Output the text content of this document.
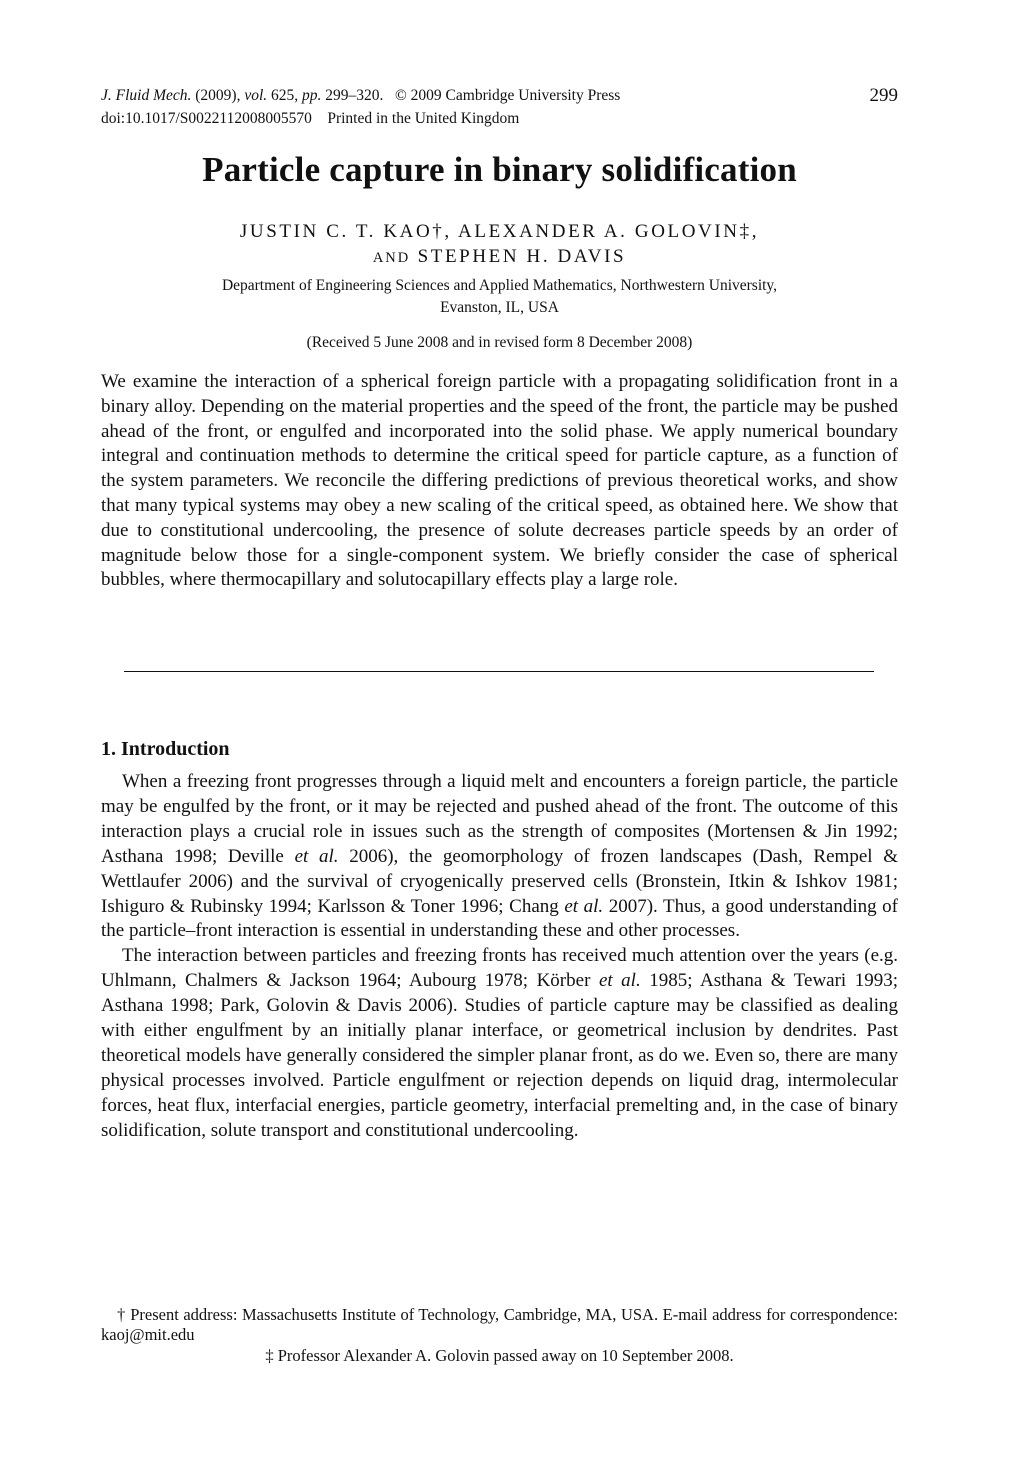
J. Fluid Mech. (2009), vol. 625, pp. 299–320. © 2009 Cambridge University Press
doi:10.1017/S0022112008005570 Printed in the United Kingdom
299
Particle capture in binary solidification
JUSTIN C. T. KAO†, ALEXANDER A. GOLOVIN‡,
AND STEPHEN H. DAVIS
Department of Engineering Sciences and Applied Mathematics, Northwestern University,
Evanston, IL, USA
(Received 5 June 2008 and in revised form 8 December 2008)
We examine the interaction of a spherical foreign particle with a propagating solidification front in a binary alloy. Depending on the material properties and the speed of the front, the particle may be pushed ahead of the front, or engulfed and incorporated into the solid phase. We apply numerical boundary integral and continuation methods to determine the critical speed for particle capture, as a function of the system parameters. We reconcile the differing predictions of previous theoretical works, and show that many typical systems may obey a new scaling of the critical speed, as obtained here. We show that due to constitutional undercooling, the presence of solute decreases particle speeds by an order of magnitude below those for a single-component system. We briefly consider the case of spherical bubbles, where thermocapillary and solutocapillary effects play a large role.
1. Introduction

When a freezing front progresses through a liquid melt and encounters a foreign particle, the particle may be engulfed by the front, or it may be rejected and pushed ahead of the front. The outcome of this interaction plays a crucial role in issues such as the strength of composites (Mortensen & Jin 1992; Asthana 1998; Deville et al. 2006), the geomorphology of frozen landscapes (Dash, Rempel & Wettlaufer 2006) and the survival of cryogenically preserved cells (Bronstein, Itkin & Ishkov 1981; Ishiguro & Rubinsky 1994; Karlsson & Toner 1996; Chang et al. 2007). Thus, a good understanding of the particle–front interaction is essential in understanding these and other processes.

The interaction between particles and freezing fronts has received much attention over the years (e.g. Uhlmann, Chalmers & Jackson 1964; Aubourg 1978; Körber et al. 1985; Asthana & Tewari 1993; Asthana 1998; Park, Golovin & Davis 2006). Studies of particle capture may be classified as dealing with either engulfment by an initially planar interface, or geometrical inclusion by dendrites. Past theoretical models have generally considered the simpler planar front, as do we. Even so, there are many physical processes involved. Particle engulfment or rejection depends on liquid drag, intermolecular forces, heat flux, interfacial energies, particle geometry, interfacial premelting and, in the case of binary solidification, solute transport and constitutional undercooling.

† Present address: Massachusetts Institute of Technology, Cambridge, MA, USA. E-mail address for correspondence: kaoj@mit.edu
‡ Professor Alexander A. Golovin passed away on 10 September 2008.
